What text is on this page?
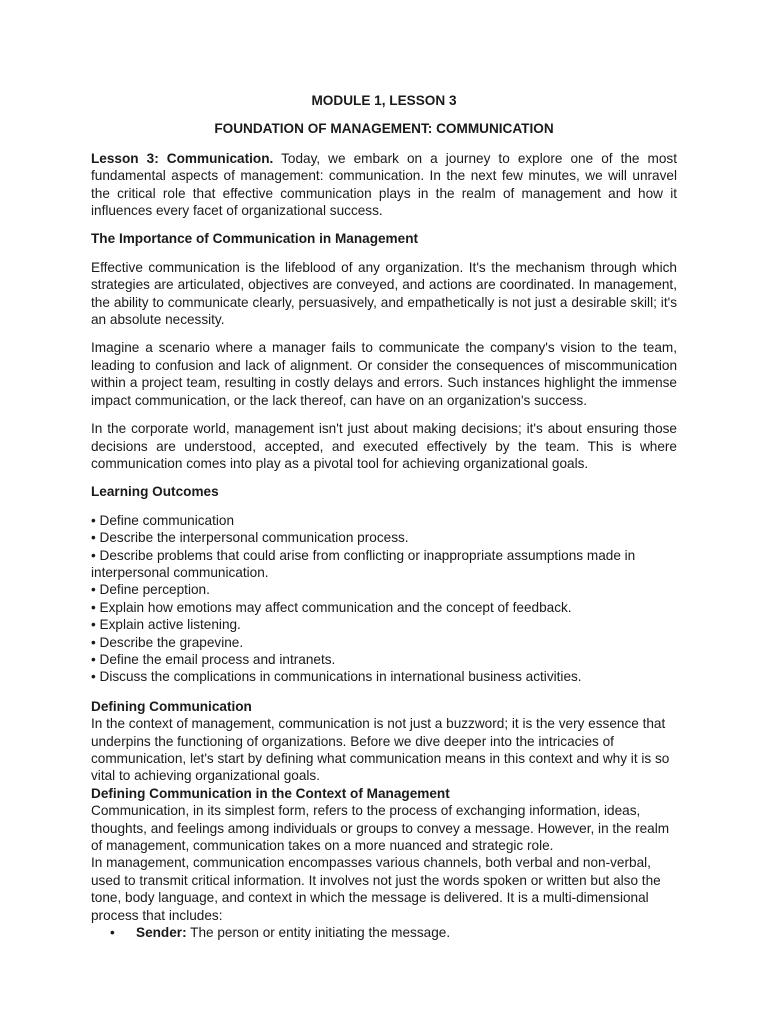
MODULE 1, LESSON 3
FOUNDATION OF MANAGEMENT: COMMUNICATION

Lesson 3: Communication. Today, we embark on a journey to explore one of the most fundamental aspects of management: communication. In the next few minutes, we will unravel the critical role that effective communication plays in the realm of management and how it influences every facet of organizational success.

The Importance of Communication in Management

Effective communication is the lifeblood of any organization. It's the mechanism through which strategies are articulated, objectives are conveyed, and actions are coordinated. In management, the ability to communicate clearly, persuasively, and empathetically is not just a desirable skill; it's an absolute necessity.

Imagine a scenario where a manager fails to communicate the company's vision to the team, leading to confusion and lack of alignment. Or consider the consequences of miscommunication within a project team, resulting in costly delays and errors. Such instances highlight the immense impact communication, or the lack thereof, can have on an organization's success.

In the corporate world, management isn't just about making decisions; it's about ensuring those decisions are understood, accepted, and executed effectively by the team. This is where communication comes into play as a pivotal tool for achieving organizational goals.

Learning Outcomes
• Define communication
• Describe the interpersonal communication process.
• Describe problems that could arise from conflicting or inappropriate assumptions made in interpersonal communication.
• Define perception.
• Explain how emotions may affect communication and the concept of feedback.
• Explain active listening.
• Describe the grapevine.
• Define the email process and intranets.
• Discuss the complications in communications in international business activities.
Defining Communication

In the context of management, communication is not just a buzzword; it is the very essence that underpins the functioning of organizations. Before we dive deeper into the intricacies of communication, let's start by defining what communication means in this context and why it is so vital to achieving organizational goals.

Defining Communication in the Context of Management

Communication, in its simplest form, refers to the process of exchanging information, ideas, thoughts, and feelings among individuals or groups to convey a message. However, in the realm of management, communication takes on a more nuanced and strategic role.

In management, communication encompasses various channels, both verbal and non-verbal, used to transmit critical information. It involves not just the words spoken or written but also the tone, body language, and context in which the message is delivered. It is a multi-dimensional process that includes:

• Sender: The person or entity initiating the message.
